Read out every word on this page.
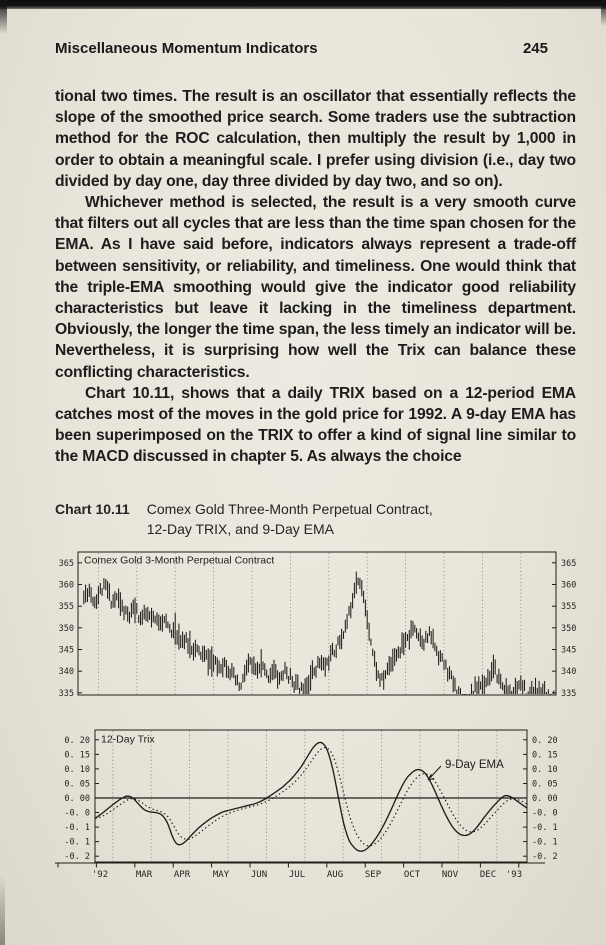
Miscellaneous Momentum Indicators	245

tional two times. The result is an oscillator that essentially reflects the slope of the smoothed price search. Some traders use the subtraction method for the ROC calculation, then multiply the result by 1,000 in order to obtain a meaningful scale. I prefer using division (i.e., day two divided by day one, day three divided by day two, and so on).

Whichever method is selected, the result is a very smooth curve that filters out all cycles that are less than the time span chosen for the EMA. As I have said before, indicators always represent a trade-off between sensitivity, or reliability, and timeliness. One would think that the triple-EMA smoothing would give the indicator good reliability characteristics but leave it lacking in the timeliness department. Obviously, the longer the time span, the less timely an indicator will be. Nevertheless, it is surprising how well the Trix can balance these conflicting characteristics.

Chart 10.11, shows that a daily TRIX based on a 12-period EMA catches most of the moves in the gold price for 1992. A 9-day EMA has been superimposed on the TRIX to offer a kind of signal line similar to the MACD discussed in chapter 5. As always the choice

Chart 10.11 Comex Gold Three-Month Perpetual Contract,
12-Day TRIX, and 9-Day EMA
365	365
360	360
355	355
350	350
345	345
340	340
335	335
Comex Gold 3-Month Perpetual Contract
0. 20	0. 20
0. 15	0. 15
0. 10	0. 10
0. 05	0. 05
0. 00	0. 00
-0. 0	-0. 0
-0. 1	-0. 1
-0. 1	-0. 1
-0. 2	-0. 2
12-Day Trix
9-Day EMA
'92	MAR APR	MAY JUN JUL AUG SEP	OCT NOV DEC '93
